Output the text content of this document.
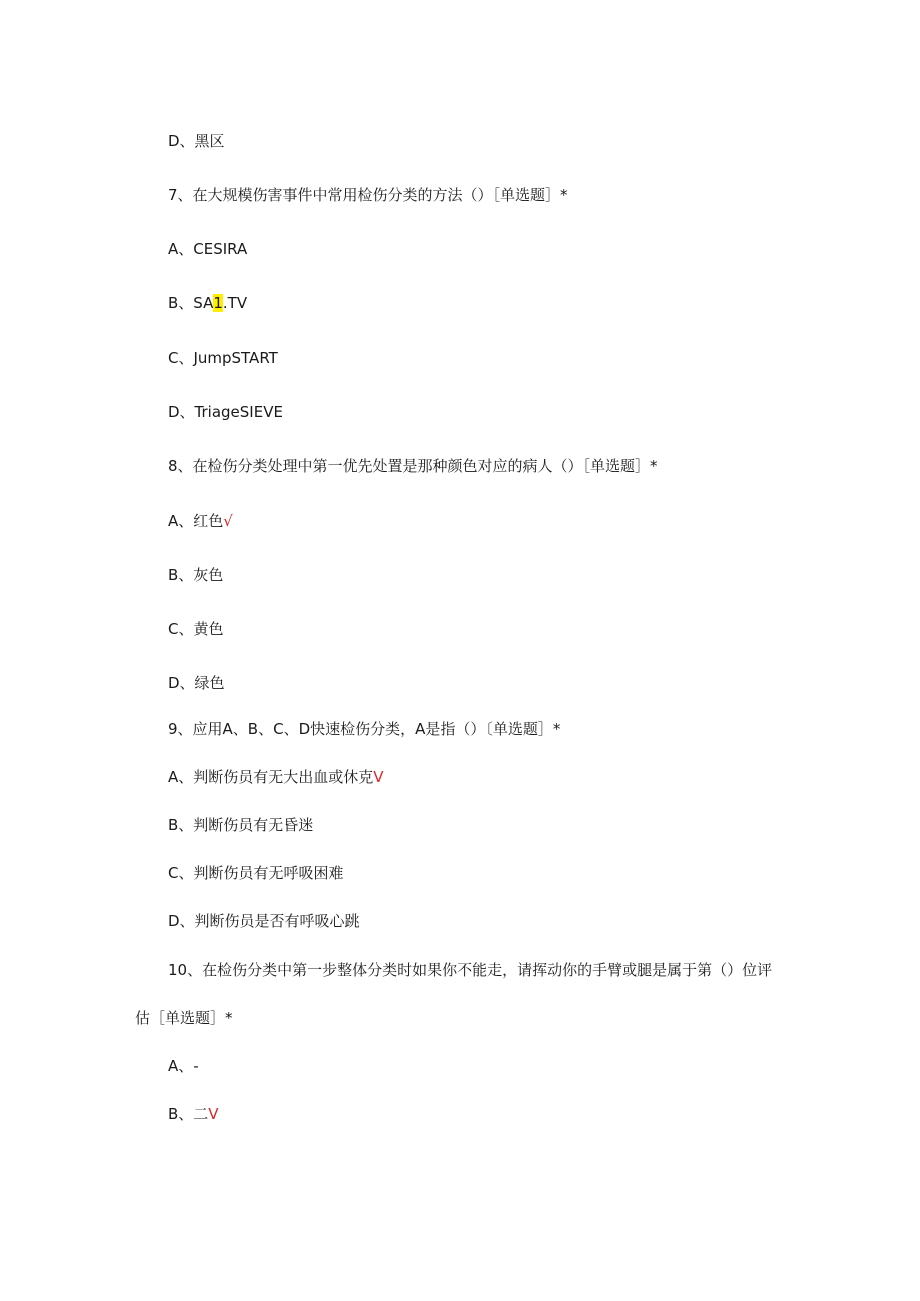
D、黑区
7、在大规模伤害事件中常用检伤分类的方法（）［单选题］*
A、CESIRA
B、SA1.TV
C、JumpSTART
D、TriageSIEVE
8、在检伤分类处理中第一优先处置是那种颜色对应的病人（）［单选题］*
A、红色√
B、灰色
C、黄色
D、绿色
9、应用A、B、C、D快速检伤分类，A是指（）〔单选题］*
A、判断伤员有无大出血或休克V
B、判断伤员有无昏迷
C、判断伤员有无呼吸困难
D、判断伤员是否有呼吸心跳
10、在检伤分类中第一步整体分类时如果你不能走，请挥动你的手臂或腿是属于第（）位评
估［单选题］*
A、-
B、二V
